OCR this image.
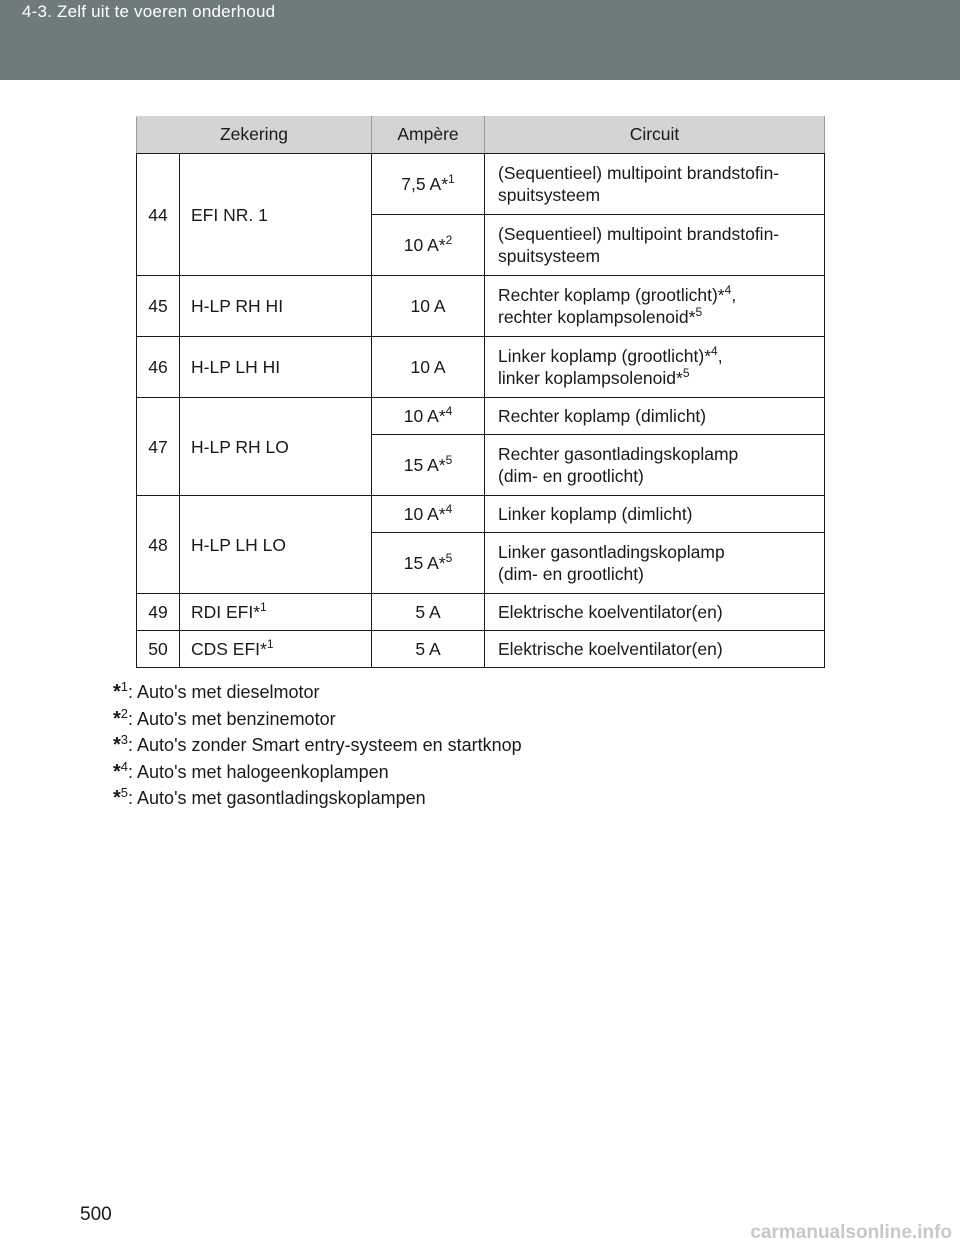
4-3. Zelf uit te voeren onderhoud
Zekering		Ampère	Circuit
44	EFI NR. 1	7,5 A*$^1$	(Sequentieel) multipoint brandstofin-
spuitsysteem
		10 A*$^2$	(Sequentieel) multipoint brandstofin-
spuitsysteem
45	H-LP RH HI	10 A	Rechter koplamp (grootlicht)*$^4$,
rechter koplampsolenoid*$^5$
46	H-LP LH HI	10 A	Linker koplamp (grootlicht)*$^4$,
linker koplampsolenoid*$^5$
47	H-LP RH LO	10 A*$^4$	Rechter koplamp (dimlicht)
		15 A*$^5$	Rechter gasontladingskoplamp
(dim- en grootlicht)
48	H-LP LH LO	10 A*$^4$	Linker koplamp (dimlicht)
		15 A*$^5$	Linker gasontladingskoplamp
(dim- en grootlicht)
49	RDI EFI*$^1$	5 A	Elektrische koelventilator(en)
50	CDS EFI*$^1$	5 A	Elektrische koelventilator(en)
*$^1$: Auto's met dieselmotor
*$^2$: Auto's met benzinemotor
*$^3$: Auto's zonder Smart entry-systeem en startknop
*$^4$: Auto's met halogeenkoplampen
*$^5$: Auto's met gasontladingskoplampen
500
carmanualsonline.info
